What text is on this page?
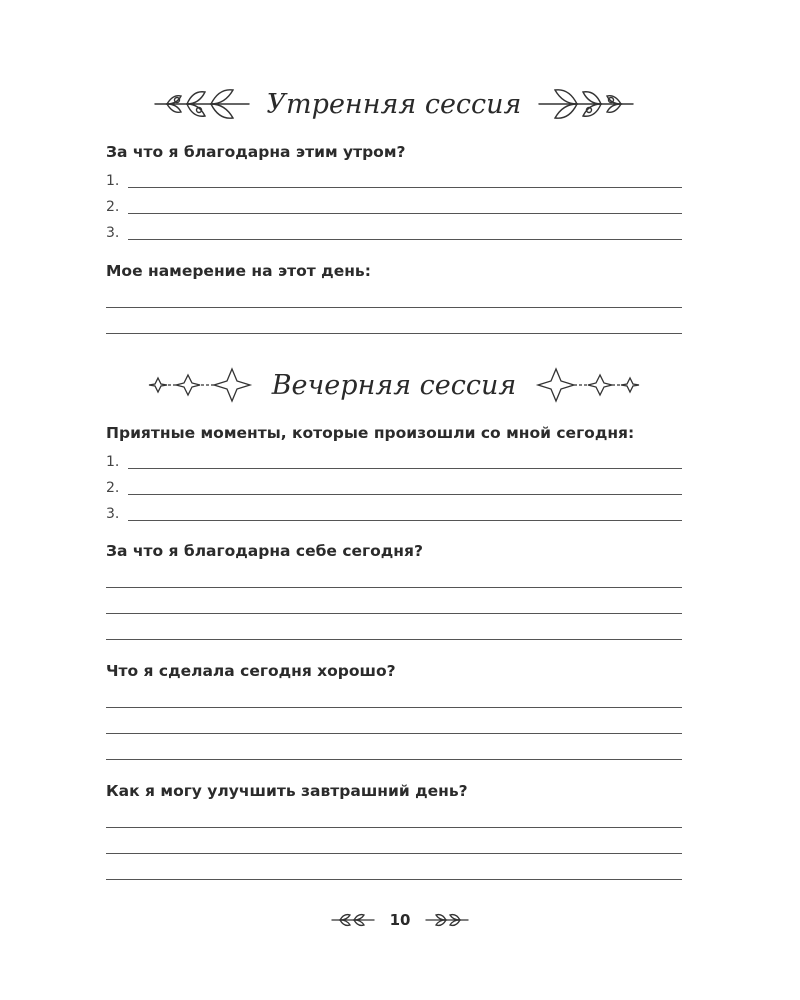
Утренняя сессия
За что я благодарна этим утром?
1.
2.
3.
Мое намерение на этот день:
Вечерняя сессия
Приятные моменты, которые произошли со мной сегодня:
1.
2.
3.
За что я благодарна себе сегодня?
Что я сделала сегодня хорошо?
Как я могу улучшить завтрашний день?
10
